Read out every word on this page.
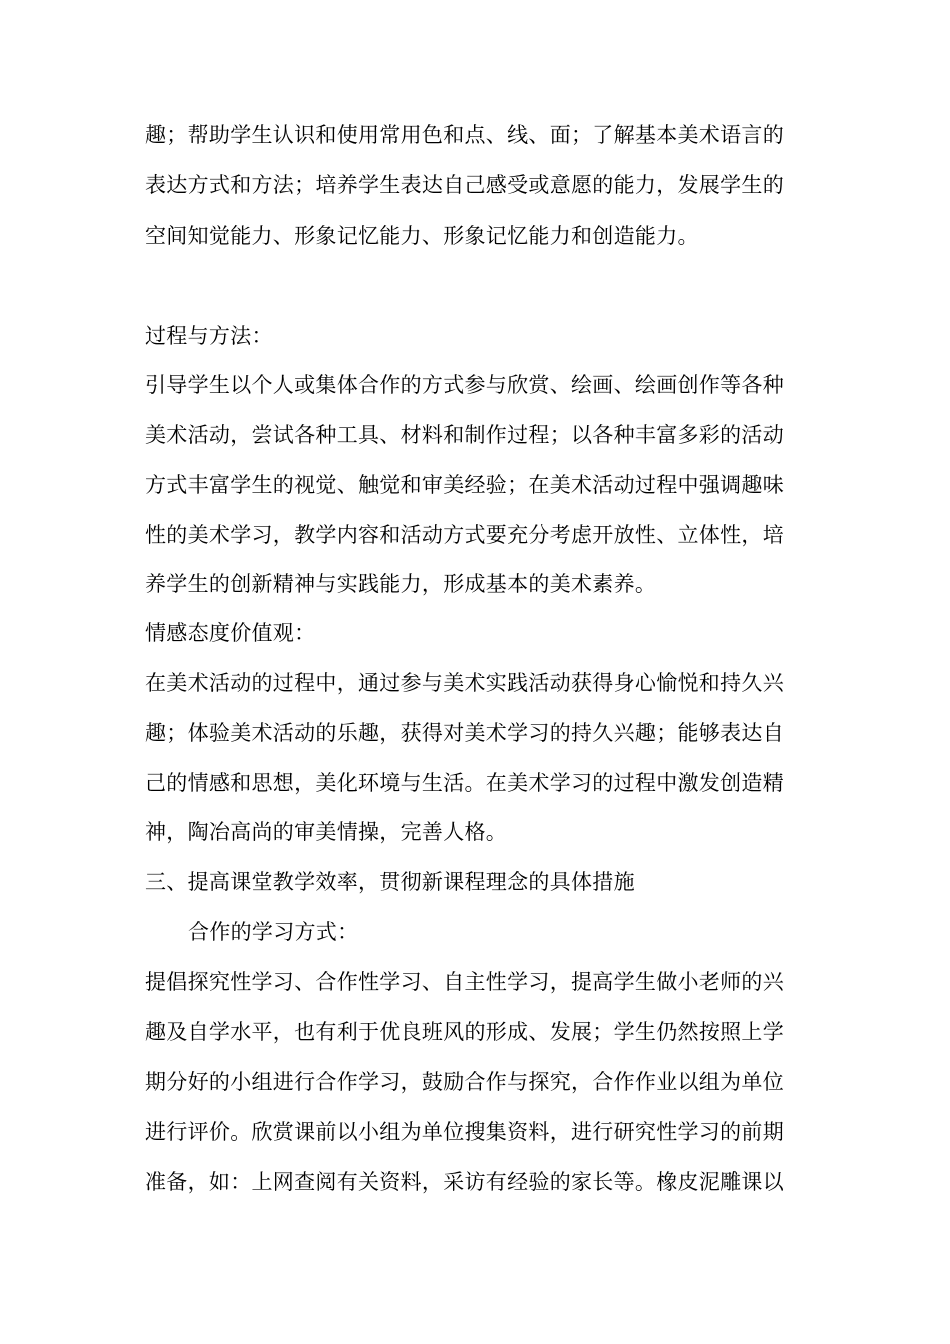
趣；帮助学生认识和使用常用色和点、线、面；了解基本美术语言的
表达方式和方法；培养学生表达自己感受或意愿的能力，发展学生的
空间知觉能力、形象记忆能力、形象记忆能力和创造能力。
过程与方法：
引导学生以个人或集体合作的方式参与欣赏、绘画、绘画创作等各种
美术活动，尝试各种工具、材料和制作过程；以各种丰富多彩的活动
方式丰富学生的视觉、触觉和审美经验；在美术活动过程中强调趣味
性的美术学习，教学内容和活动方式要充分考虑开放性、立体性，培
养学生的创新精神与实践能力，形成基本的美术素养。
情感态度价值观：
在美术活动的过程中，通过参与美术实践活动获得身心愉悦和持久兴
趣；体验美术活动的乐趣，获得对美术学习的持久兴趣；能够表达自
己的情感和思想，美化环境与生活。在美术学习的过程中激发创造精
神，陶冶高尚的审美情操，完善人格。
三、提高课堂教学效率，贯彻新课程理念的具体措施
合作的学习方式：
提倡探究性学习、合作性学习、自主性学习，提高学生做小老师的兴
趣及自学水平，也有利于优良班风的形成、发展；学生仍然按照上学
期分好的小组进行合作学习，鼓励合作与探究，合作作业以组为单位
进行评价。欣赏课前以小组为单位搜集资料，进行研究性学习的前期
准备，如：上网查阅有关资料，采访有经验的家长等。橡皮泥雕课以
